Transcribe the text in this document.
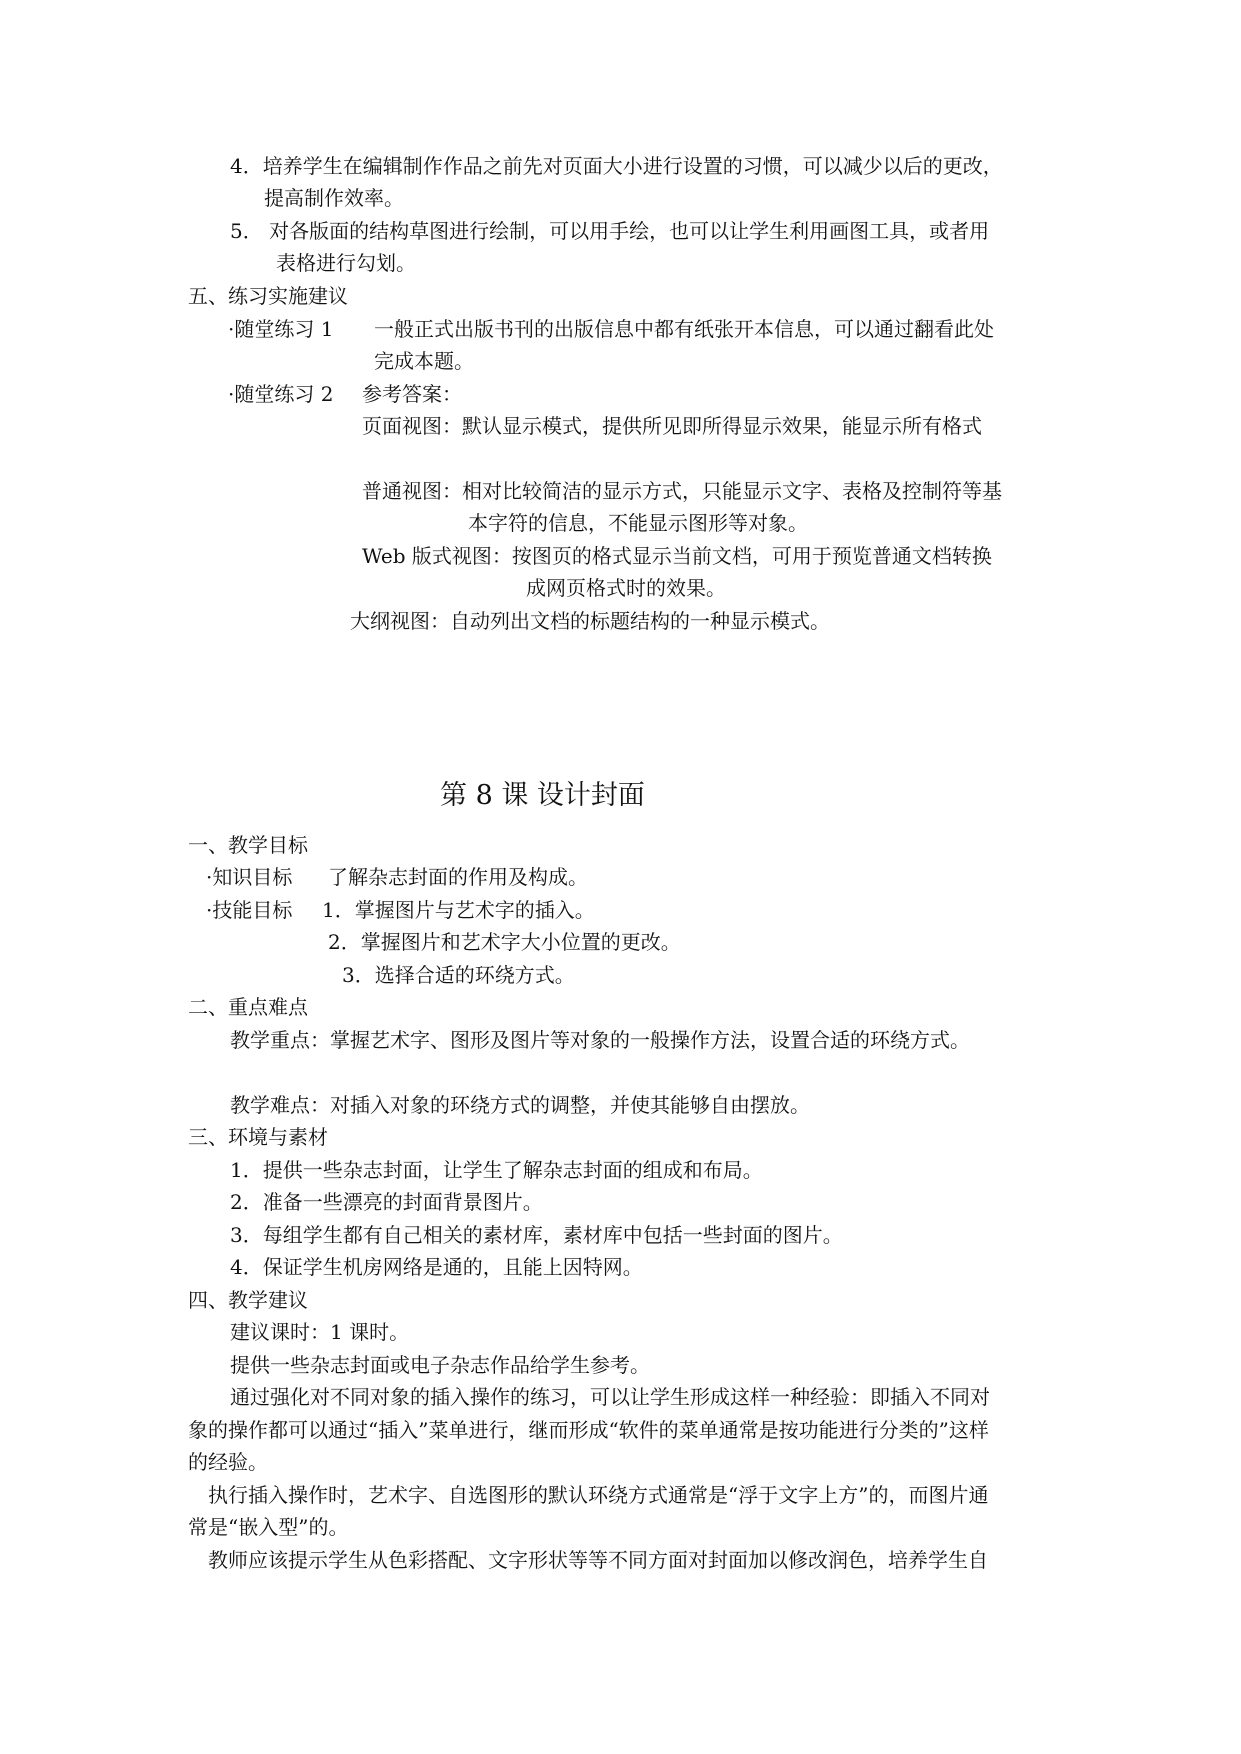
4．培养学生在编辑制作作品之前先对页面大小进行设置的习惯，可以减少以后的更改，
提高制作效率。
5． 对各版面的结构草图进行绘制，可以用手绘，也可以让学生利用画图工具，或者用
表格进行勾划。
五、练习实施建议
·随堂练习 1 一般正式出版书刊的出版信息中都有纸张开本信息，可以通过翻看此处
完成本题。
·随堂练习 2 参考答案：
页面视图：默认显示模式，提供所见即所得显示效果，能显示所有格式
普通视图：相对比较简洁的显示方式，只能显示文字、表格及控制符等基
本字符的信息，不能显示图形等对象。
Web 版式视图：按图页的格式显示当前文档，可用于预览普通文档转换
成网页格式时的效果。
大纲视图：自动列出文档的标题结构的一种显示模式。
第 8 课 设计封面
一、教学目标
·知识目标 了解杂志封面的作用及构成。
·技能目标 1．掌握图片与艺术字的插入。
2．掌握图片和艺术字大小位置的更改。
3．选择合适的环绕方式。
二、重点难点
教学重点：掌握艺术字、图形及图片等对象的一般操作方法，设置合适的环绕方式。
教学难点：对插入对象的环绕方式的调整，并使其能够自由摆放。
三、环境与素材
1．提供一些杂志封面，让学生了解杂志封面的组成和布局。
2．准备一些漂亮的封面背景图片。
3．每组学生都有自己相关的素材库，素材库中包括一些封面的图片。
4．保证学生机房网络是通的，且能上因特网。
四、教学建议
建议课时：1 课时。
提供一些杂志封面或电子杂志作品给学生参考。
通过强化对不同对象的插入操作的练习，可以让学生形成这样一种经验：即插入不同对
象的操作都可以通过“插入”菜单进行，继而形成“软件的菜单通常是按功能进行分类的”这样
的经验。
执行插入操作时，艺术字、自选图形的默认环绕方式通常是“浮于文字上方”的，而图片通
常是“嵌入型”的。
教师应该提示学生从色彩搭配、文字形状等等不同方面对封面加以修改润色，培养学生自
